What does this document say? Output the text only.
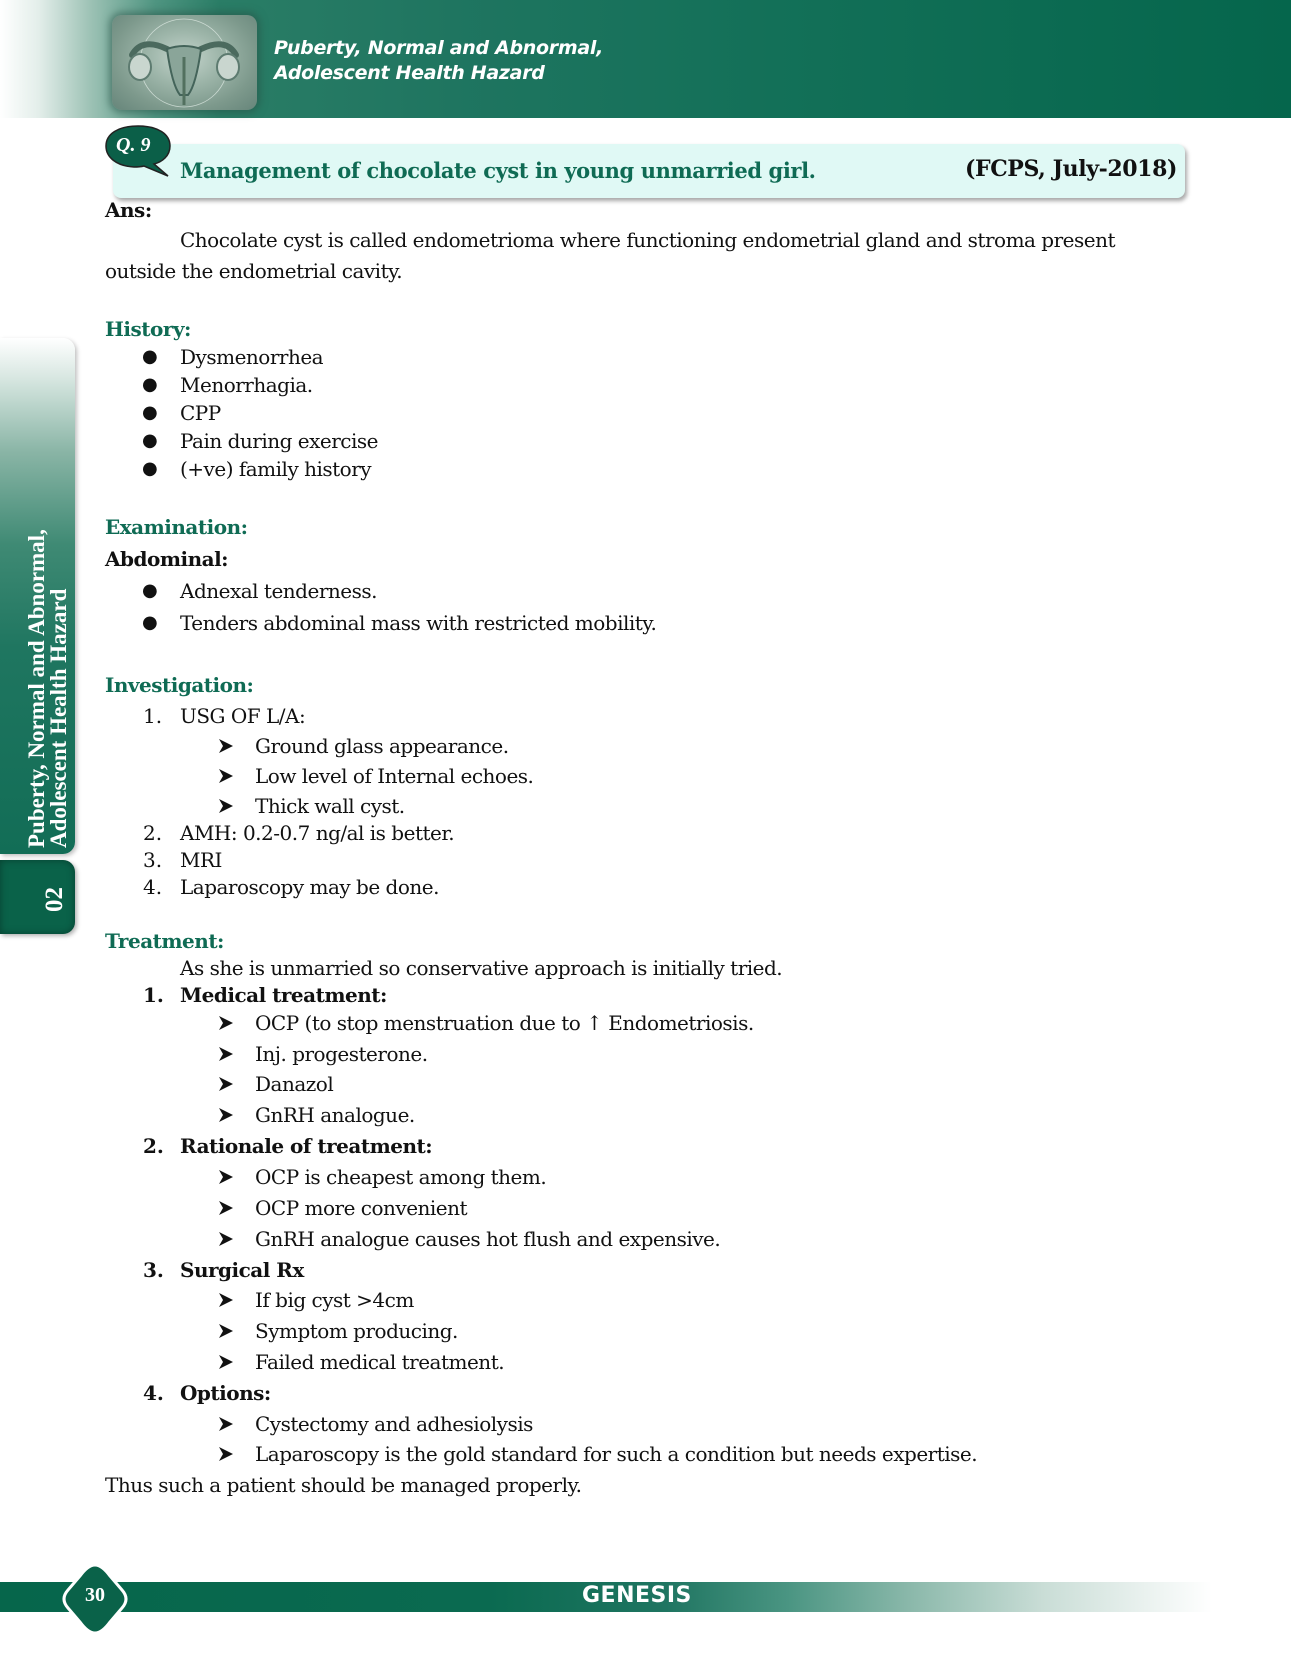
Puberty, Normal and Abnormal,
Adolescent Health Hazard
Puberty, Normal and Abnormal,
Adolescent Health Hazard
02
Q. 9
Management of chocolate cyst in young unmarried girl.	(FCPS, July-2018)
Ans:
Chocolate cyst is called endometrioma where functioning endometrial gland and stroma present
outside the endometrial cavity.
History:
● Dysmenorrhea
● Menorrhagia.
● CPP
● Pain during exercise
● (+ve) family history
Examination:
Abdominal:
● Adnexal tenderness.
● Tenders abdominal mass with restricted mobility.
Investigation:
1. USG OF L/A:
Ground glass appearance.
Low level of Internal echoes.
Thick wall cyst.
2. AMH: 0.2-0.7 ng/al is better.
3. MRI
4. Laparoscopy may be done.
Treatment:
As she is unmarried so conservative approach is initially tried.
1. Medical treatment:
OCP (to stop menstruation due to ↑ Endometriosis.
Inj. progesterone.
Danazol
GnRH analogue.
2. Rationale of treatment:
OCP is cheapest among them.
OCP more convenient
GnRH analogue causes hot flush and expensive.
3. Surgical Rx
If big cyst >4cm
Symptom producing.
Failed medical treatment.
4. Options:
Cystectomy and adhesiolysis
Laparoscopy is the gold standard for such a condition but needs expertise.
Thus such a patient should be managed properly.
30	GENESIS
